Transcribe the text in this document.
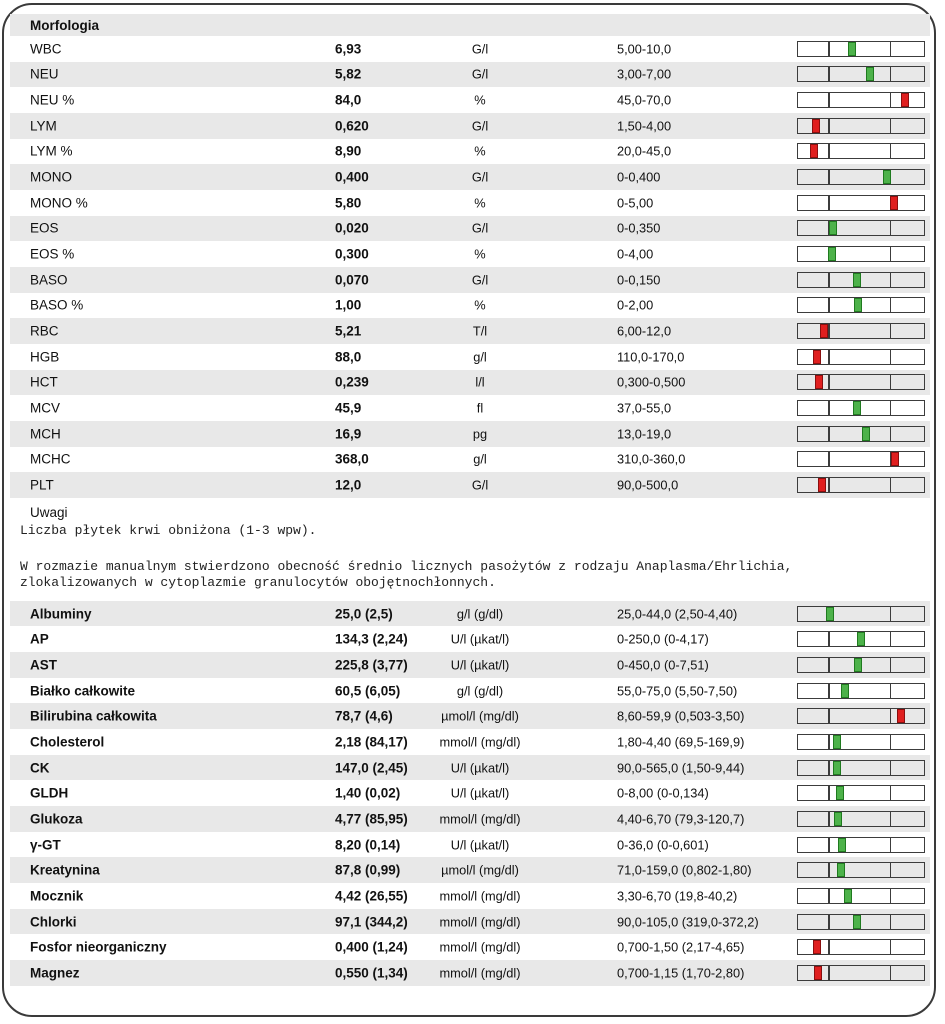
Morfologia
WBC	6,93	G/l	5,00-10,0
NEU	5,82	G/l	3,00-7,00
NEU %	84,0	%	45,0-70,0
LYM	0,620	G/l	1,50-4,00
LYM %	8,90	%	20,0-45,0
MONO	0,400	G/l	0-0,400
MONO %	5,80	%	0-5,00
EOS	0,020	G/l	0-0,350
EOS %	0,300	%	0-4,00
BASO	0,070	G/l	0-0,150
BASO %	1,00	%	0-2,00
RBC	5,21	T/l	6,00-12,0
HGB	88,0	g/l	110,0-170,0
HCT	0,239	l/l	0,300-0,500
MCV	45,9	fl	37,0-55,0
MCH	16,9	pg	13,0-19,0
MCHC	368,0	g/l	310,0-360,0
PLT	12,0	G/l	90,0-500,0
Uwagi
Liczba płytek krwi obniżona (1-3 wpw).
W rozmazie manualnym stwierdzono obecność średnio licznych pasożytów z rodzaju Anaplasma/Ehrlichia,
zlokalizowanych w cytoplazmie granulocytów obojętnochłonnych.
Albuminy	25,0 (2,5)	g/l (g/dl)	25,0-44,0 (2,50-4,40)
AP	134,3 (2,24)	U/l (µkat/l)	0-250,0 (0-4,17)
AST	225,8 (3,77)	U/l (µkat/l)	0-450,0 (0-7,51)
Białko całkowite	60,5 (6,05)	g/l (g/dl)	55,0-75,0 (5,50-7,50)
Bilirubina całkowita	78,7 (4,6)	µmol/l (mg/dl)	8,60-59,9 (0,503-3,50)
Cholesterol	2,18 (84,17)	mmol/l (mg/dl)	1,80-4,40 (69,5-169,9)
CK	147,0 (2,45)	U/l (µkat/l)	90,0-565,0 (1,50-9,44)
GLDH	1,40 (0,02)	U/l (µkat/l)	0-8,00 (0-0,134)
Glukoza	4,77 (85,95)	mmol/l (mg/dl)	4,40-6,70 (79,3-120,7)
γ-GT	8,20 (0,14)	U/l (µkat/l)	0-36,0 (0-0,601)
Kreatynina	87,8 (0,99)	µmol/l (mg/dl)	71,0-159,0 (0,802-1,80)
Mocznik	4,42 (26,55)	mmol/l (mg/dl)	3,30-6,70 (19,8-40,2)
Chlorki	97,1 (344,2)	mmol/l (mg/dl)	90,0-105,0 (319,0-372,2)
Fosfor nieorganiczny	0,400 (1,24)	mmol/l (mg/dl)	0,700-1,50 (2,17-4,65)
Magnez	0,550 (1,34)	mmol/l (mg/dl)	0,700-1,15 (1,70-2,80)
